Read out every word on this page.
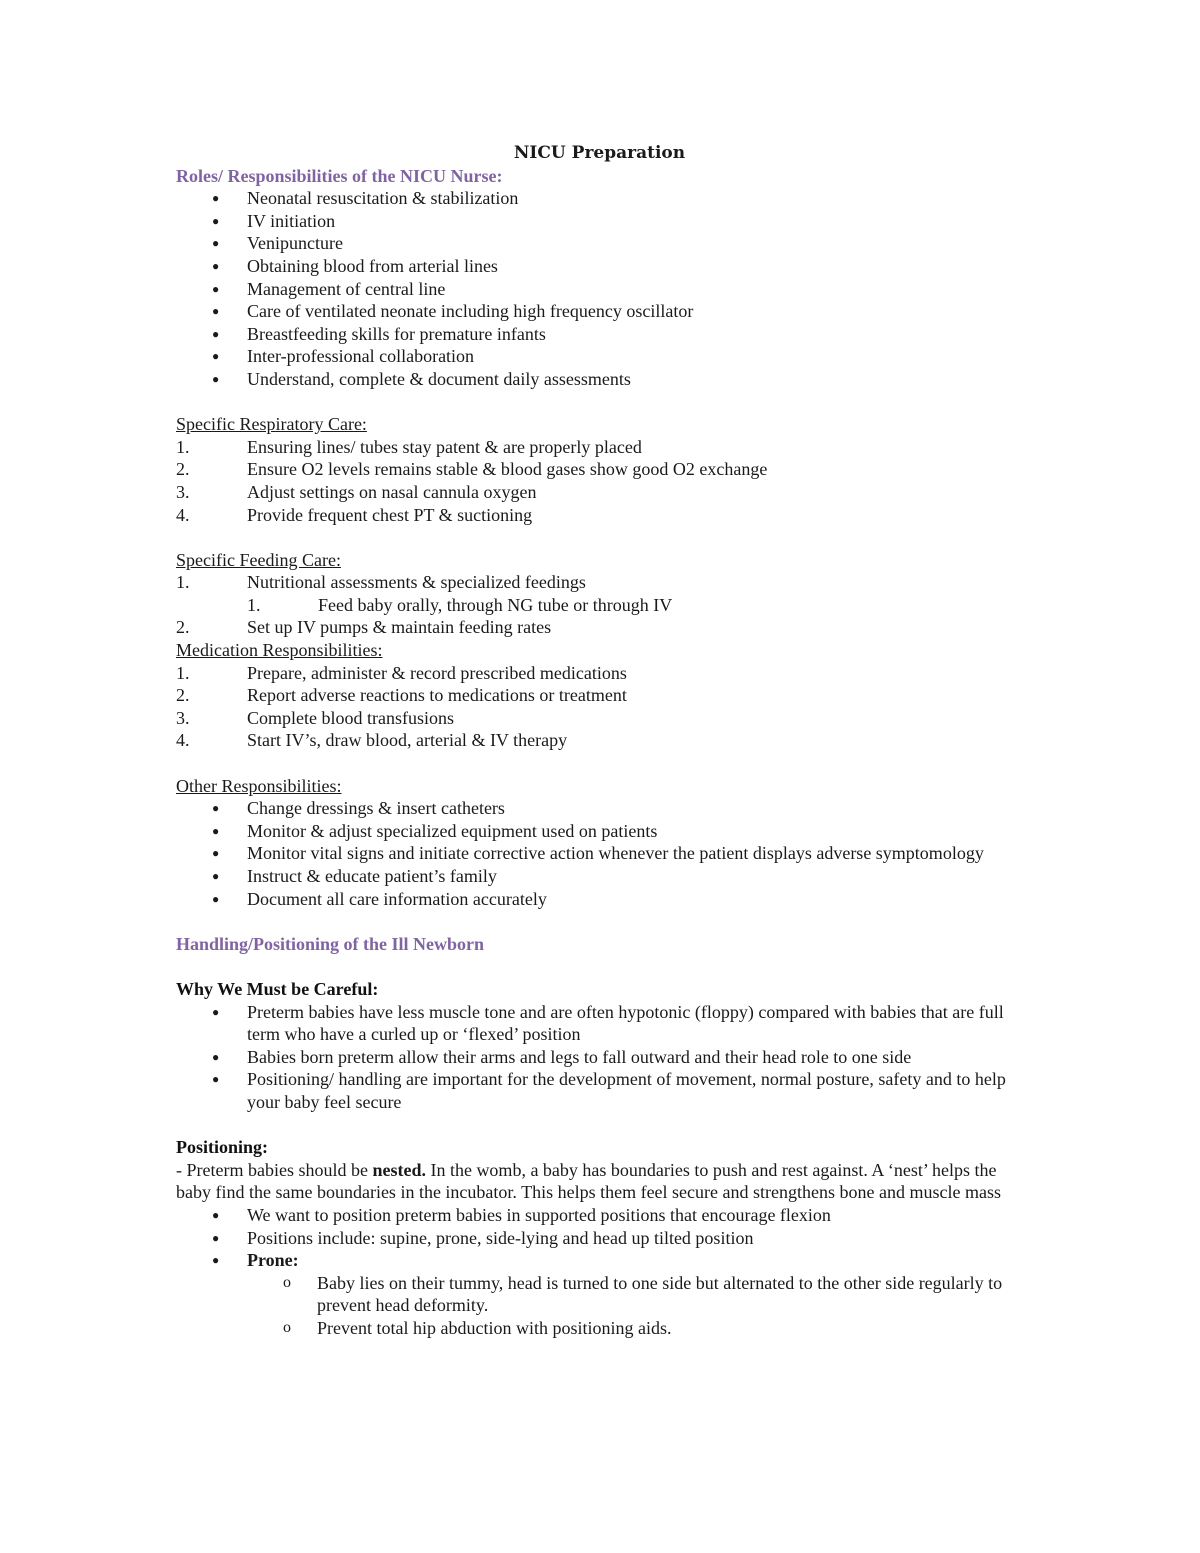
NICU Preparation
Roles/ Responsibilities of the NICU Nurse:
● Neonatal resuscitation & stabilization
● IV initiation
● Venipuncture
● Obtaining blood from arterial lines
● Management of central line
● Care of ventilated neonate including high frequency oscillator
● Breastfeeding skills for premature infants
● Inter-professional collaboration
● Understand, complete & document daily assessments
Specific Respiratory Care:
1.	Ensuring lines/ tubes stay patent & are properly placed
2.	Ensure O2 levels remains stable & blood gases show good O2 exchange
3.	Adjust settings on nasal cannula oxygen
4.	Provide frequent chest PT & suctioning
Specific Feeding Care:
1.	Nutritional assessments & specialized feedings
1.	Feed baby orally, through NG tube or through IV
2.	Set up IV pumps & maintain feeding rates
Medication Responsibilities:
1.	Prepare, administer & record prescribed medications
2.	Report adverse reactions to medications or treatment
3.	Complete blood transfusions
4.	Start IV’s, draw blood, arterial & IV therapy
Other Responsibilities:
● Change dressings & insert catheters
● Monitor & adjust specialized equipment used on patients
● Monitor vital signs and initiate corrective action whenever the patient displays adverse symptomology
● Instruct & educate patient’s family
● Document all care information accurately
Handling/Positioning of the Ill Newborn
Why We Must be Careful:
● Preterm babies have less muscle tone and are often hypotonic (floppy) compared with babies that are full term who have a curled up or ‘flexed’ position
● Babies born preterm allow their arms and legs to fall outward and their head role to one side
● Positioning/ handling are important for the development of movement, normal posture, safety and to help your baby feel secure
Positioning:

- Preterm babies should be nested. In the womb, a baby has boundaries to push and rest against. A ‘nest’ helps the baby find the same boundaries in the incubator. This helps them feel secure and strengthens bone and muscle mass

● We want to position preterm babies in supported positions that encourage flexion
● Positions include: supine, prone, side-lying and head up tilted position
● Prone:
o Baby lies on their tummy, head is turned to one side but alternated to the other side regularly to prevent head deformity.
o Prevent total hip abduction with positioning aids.
